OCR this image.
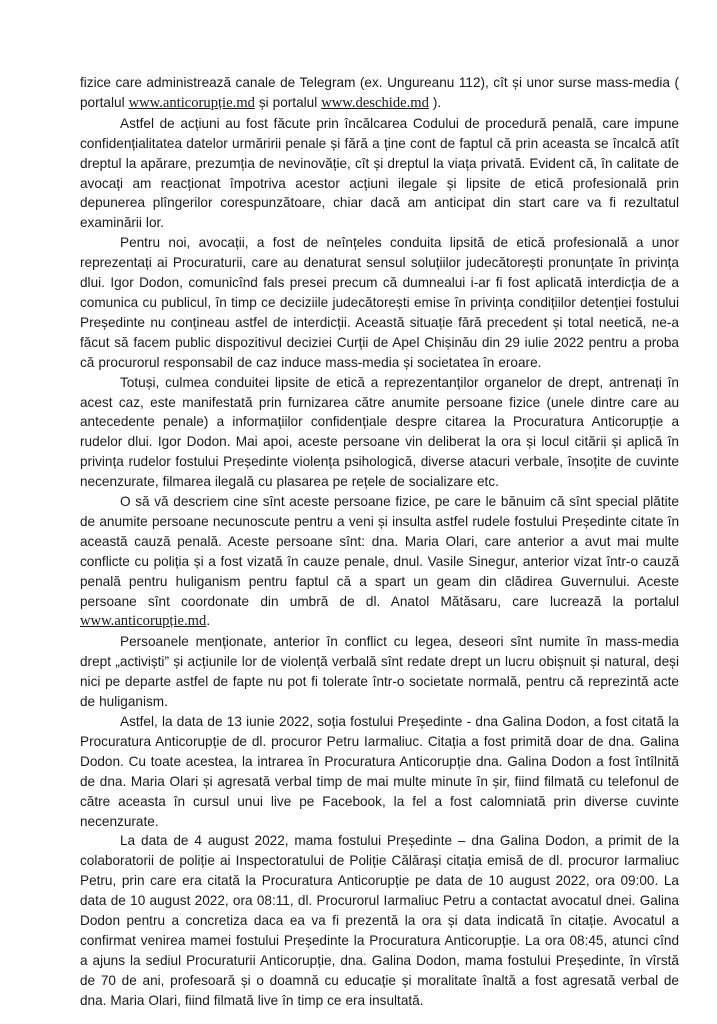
fizice care administrează canale de Telegram (ex. Ungureanu 112), cît și unor surse mass-media ( portalul www.anticorupție.md și portalul www.deschide.md ).

Astfel de acțiuni au fost făcute prin încălcarea Codului de procedură penală, care impune confidențialitatea datelor urmăririi penale și fără a ține cont de faptul că prin aceasta se încalcă atît dreptul la apărare, prezumția de nevinovăție, cît și dreptul la viața privată. Evident că, în calitate de avocați am reacționat împotriva acestor acțiuni ilegale și lipsite de etică profesională prin depunerea plîngerilor corespunzătoare, chiar dacă am anticipat din start care va fi rezultatul examinării lor.

Pentru noi, avocații, a fost de neînțeles conduita lipsită de etică profesională a unor reprezentați ai Procuraturii, care au denaturat sensul soluțiilor judecătorești pronunțate în privința dlui. Igor Dodon, comunicînd fals presei precum că dumnealui i-ar fi fost aplicată interdicția de a comunica cu publicul, în timp ce deciziile judecătorești emise în privința condițiilor detenției fostului Președinte nu conțineau astfel de interdicții. Această situație fără precedent și total neetică, ne-a făcut să facem public dispozitivul deciziei Curții de Apel Chișinău din 29 iulie 2022 pentru a proba că procurorul responsabil de caz induce mass-media și societatea în eroare.

Totuși, culmea conduitei lipsite de etică a reprezentanților organelor de drept, antrenați în acest caz, este manifestată prin furnizarea către anumite persoane fizice (unele dintre care au antecedente penale) a informațiilor confidențiale despre citarea la Procuratura Anticorupție a rudelor dlui. Igor Dodon. Mai apoi, aceste persoane vin deliberat la ora și locul citării și aplică în privința rudelor fostului Președinte violența psihologică, diverse atacuri verbale, însoțite de cuvinte necenzurate, filmarea ilegală cu plasarea pe rețele de socializare etc.

O să vă descriem cine sînt aceste persoane fizice, pe care le bănuim că sînt special plătite de anumite persoane necunoscute pentru a veni și insulta astfel rudele fostului Președinte citate în această cauză penală. Aceste persoane sînt: dna. Maria Olari, care anterior a avut mai multe conflicte cu poliția și a fost vizată în cauze penale, dnul. Vasile Sinegur, anterior vizat într-o cauză penală pentru huliganism pentru faptul că a spart un geam din clădirea Guvernului. Aceste persoane sînt coordonate din umbră de dl. Anatol Mătăsaru, care lucrează la portalul www.anticorupție.md.

Persoanele menționate, anterior în conflict cu legea, deseori sînt numite în mass-media drept „activiști” și acțiunile lor de violență verbală sînt redate drept un lucru obișnuit și natural, deși nici pe departe astfel de fapte nu pot fi tolerate într-o societate normală, pentru că reprezintă acte de huliganism.

Astfel, la data de 13 iunie 2022, soția fostului Președinte - dna Galina Dodon, a fost citată la Procuratura Anticorupție de dl. procuror Petru Iarmaliuc. Citația a fost primită doar de dna. Galina Dodon. Cu toate acestea, la intrarea în Procuratura Anticorupție dna. Galina Dodon a fost întîlnită de dna. Maria Olari și agresată verbal timp de mai multe minute în șir, fiind filmată cu telefonul de către aceasta în cursul unui live pe Facebook, la fel a fost calomniată prin diverse cuvinte necenzurate.

La data de 4 august 2022, mama fostului Președinte – dna Galina Dodon, a primit de la colaboratorii de poliție ai Inspectoratului de Poliție Călărași citația emisă de dl. procuror Iarmaliuc Petru, prin care era citată la Procuratura Anticorupție pe data de 10 august 2022, ora 09:00. La data de 10 august 2022, ora 08:11, dl. Procurorul Iarmaliuc Petru a contactat avocatul dnei. Galina Dodon pentru a concretiza daca ea va fi prezentă la ora și data indicată în citație. Avocatul a confirmat venirea mamei fostului Președinte la Procuratura Anticorupție. La ora 08:45, atunci cînd a ajuns la sediul Procuraturii Anticorupție, dna. Galina Dodon, mama fostului Președinte, în vîrstă de 70 de ani, profesoară și o doamnă cu educație și moralitate înaltă a fost agresată verbal de dna. Maria Olari, fiind filmată live în timp ce era insultată.
